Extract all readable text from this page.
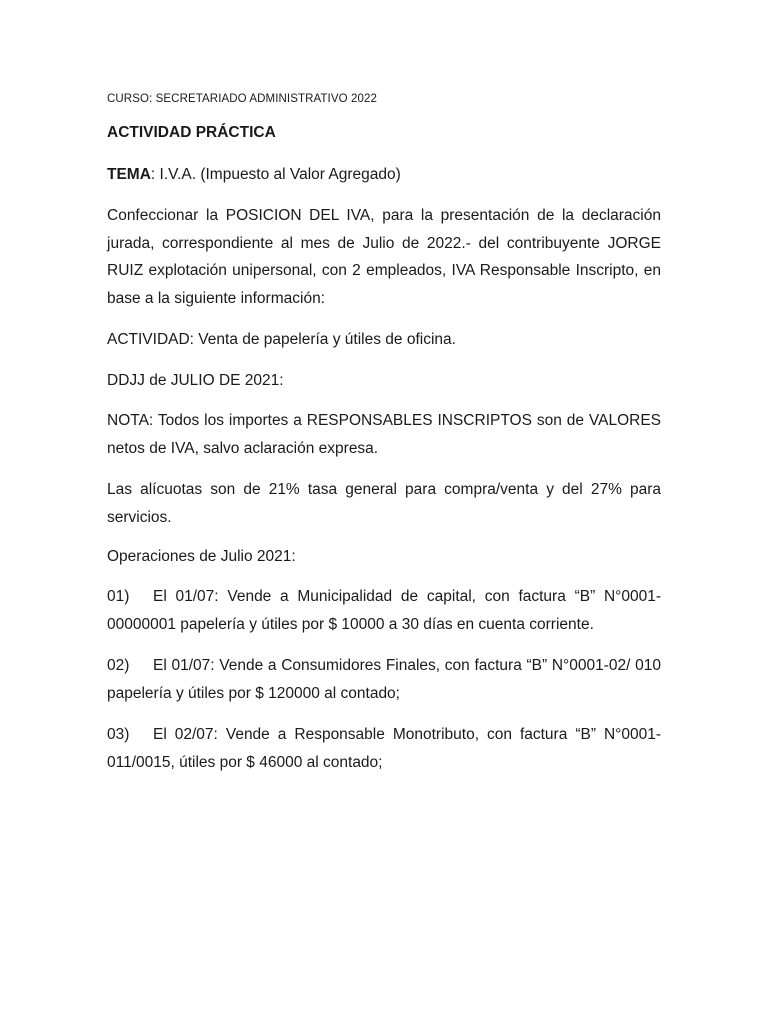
CURSO: SECRETARIADO ADMINISTRATIVO 2022
ACTIVIDAD PRÁCTICA
TEMA: I.V.A. (Impuesto al Valor Agregado)

Confeccionar la POSICION DEL IVA, para la presentación de la declaración jurada, correspondiente al mes de Julio de 2022.- del contribuyente JORGE RUIZ explotación unipersonal, con 2 empleados, IVA Responsable Inscripto, en base a la siguiente información:

ACTIVIDAD: Venta de papelería y útiles de oficina.
DDJJ de JULIO DE 2021:

NOTA: Todos los importes a RESPONSABLES INSCRIPTOS son de VALORES netos de IVA, salvo aclaración expresa.

Las alícuotas son de 21% tasa general para compra/venta y del 27% para servicios.

Operaciones de Julio 2021:

01) El 01/07: Vende a Municipalidad de capital, con factura “B” N°0001-00000001 papelería y útiles por $ 10000 a 30 días en cuenta corriente.

02) El 01/07: Vende a Consumidores Finales, con factura “B” N°0001-02/ 010 papelería y útiles por $ 120000 al contado;

03) El 02/07: Vende a Responsable Monotributo, con factura “B” N°0001-011/0015, útiles por $ 46000 al contado;
